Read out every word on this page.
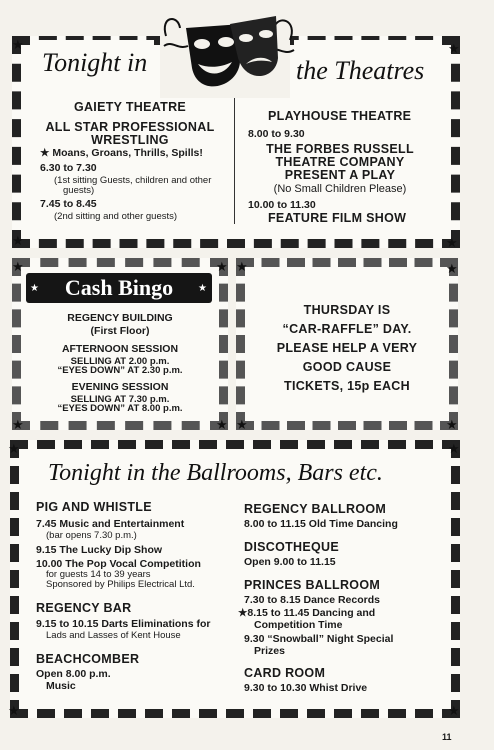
Tonight in	the Theatres
★	★
★	★
GAIETY THEATRE
ALL STAR PROFESSIONAL
WRESTLING
★ Moans, Groans, Thrills, Spills!
6.30 to 7.30
(1st sitting Guests, children and other
guests)
7.45 to 8.45
(2nd sitting and other guests)
PLAYHOUSE THEATRE
8.00 to 9.30
THE FORBES RUSSELL
THEATRE COMPANY
PRESENT A PLAY
(No Small Children Please)
10.00 to 11.30
FEATURE FILM SHOW
★	★
★	★
Cash Bingo
★	★
REGENCY BUILDING
(First Floor)
AFTERNOON SESSION
SELLING AT 2.00 p.m.
“EYES DOWN” AT 2.30 p.m.
EVENING SESSION
SELLING AT 7.30 p.m.
“EYES DOWN” AT 8.00 p.m.
★	★
★	★
THURSDAY IS
“CAR-RAFFLE” DAY.
PLEASE HELP A VERY
GOOD CAUSE
TICKETS, 15p EACH
★	★
★	★
Tonight in the Ballrooms, Bars etc.
PIG AND WHISTLE
7.45 Music and Entertainment
(bar opens 7.30 p.m.)
9.15 The Lucky Dip Show
10.00 The Pop Vocal Competition
for guests 14 to 39 years
Sponsored by Philips Electrical Ltd.
REGENCY BAR
9.15 to 10.15 Darts Eliminations for
Lads and Lasses of Kent House
BEACHCOMBER
Open 8.00 p.m.
Music
REGENCY BALLROOM
8.00 to 11.15 Old Time Dancing
DISCOTHEQUE
Open 9.00 to 11.15
PRINCES BALLROOM
7.30 to 8.15 Dance Records
★8.15 to 11.45 Dancing and
Competition Time
9.30 “Snowball” Night Special
Prizes
CARD ROOM
9.30 to 10.30 Whist Drive
11
